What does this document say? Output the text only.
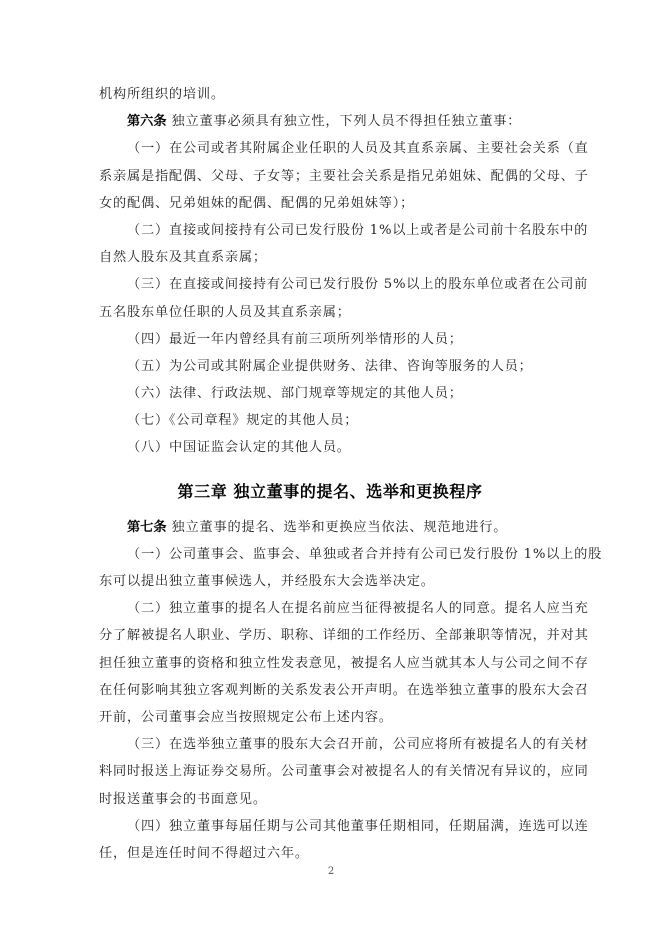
机构所组织的培训。
第六条 独立董事必须具有独立性，下列人员不得担任独立董事：
（一）在公司或者其附属企业任职的人员及其直系亲属、主要社会关系（直
系亲属是指配偶、父母、子女等；主要社会关系是指兄弟姐妹、配偶的父母、子
女的配偶、兄弟姐妹的配偶、配偶的兄弟姐妹等）；
（二）直接或间接持有公司已发行股份 1%以上或者是公司前十名股东中的
自然人股东及其直系亲属；
（三）在直接或间接持有公司已发行股份 5%以上的股东单位或者在公司前
五名股东单位任职的人员及其直系亲属；
（四）最近一年内曾经具有前三项所列举情形的人员；
（五）为公司或其附属企业提供财务、法律、咨询等服务的人员；
（六）法律、行政法规、部门规章等规定的其他人员；
（七）《公司章程》规定的其他人员；
（八）中国证监会认定的其他人员。
第三章 独立董事的提名、选举和更换程序
第七条 独立董事的提名、选举和更换应当依法、规范地进行。
（一）公司董事会、监事会、单独或者合并持有公司已发行股份 1%以上的股
东可以提出独立董事候选人，并经股东大会选举决定。
（二）独立董事的提名人在提名前应当征得被提名人的同意。提名人应当充
分了解被提名人职业、学历、职称、详细的工作经历、全部兼职等情况，并对其
担任独立董事的资格和独立性发表意见，被提名人应当就其本人与公司之间不存
在任何影响其独立客观判断的关系发表公开声明。在选举独立董事的股东大会召
开前，公司董事会应当按照规定公布上述内容。
（三）在选举独立董事的股东大会召开前，公司应将所有被提名人的有关材
料同时报送上海证券交易所。公司董事会对被提名人的有关情况有异议的，应同
时报送董事会的书面意见。
（四）独立董事每届任期与公司其他董事任期相同，任期届满，连选可以连
任，但是连任时间不得超过六年。
2
